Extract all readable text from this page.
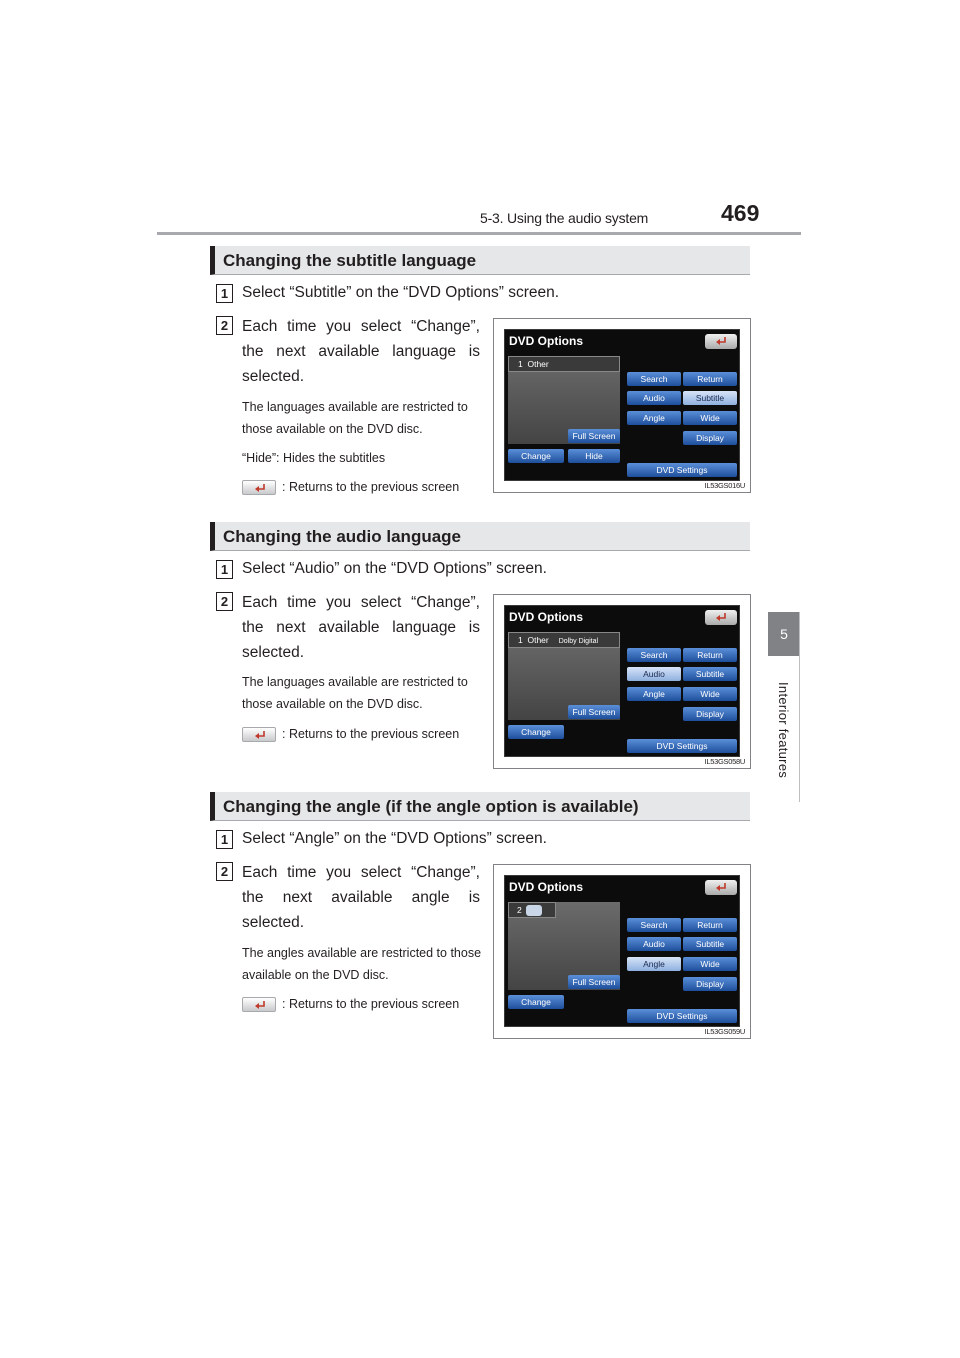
5-3. Using the audio system	469
5
Interior features
Changing the subtitle language
1 Select “Subtitle” on the “DVD Options” screen.
2 Each time you select “Change”, the next available language is selected.
The languages available are restricted to those available on the DVD disc.
“Hide”: Hides the subtitles
: Returns to the previous screen
DVD Options
1 Other
Full Screen
Change	Hide
Search	Return
Audio	Subtitle
Angle	Wide
Display
DVD Settings
IL53GS016U
Changing the audio language
1 Select “Audio” on the “DVD Options” screen.
2 Each time you select “Change”, the next available language is selected.
The languages available are restricted to those available on the DVD disc.
: Returns to the previous screen
DVD Options
1 Other Dolby Digital
Full Screen
Change
Search	Return
Audio	Subtitle
Angle	Wide
Display
DVD Settings
IL53GS058U
Changing the angle (if the angle option is available)
1 Select “Angle” on the “DVD Options” screen.
2 Each time you select “Change”, the next available angle is selected.
The angles available are restricted to those available on the DVD disc.
: Returns to the previous screen
DVD Options
2
Full Screen
Change
Search	Return
Audio	Subtitle
Angle	Wide
Display
DVD Settings
IL53GS059U
